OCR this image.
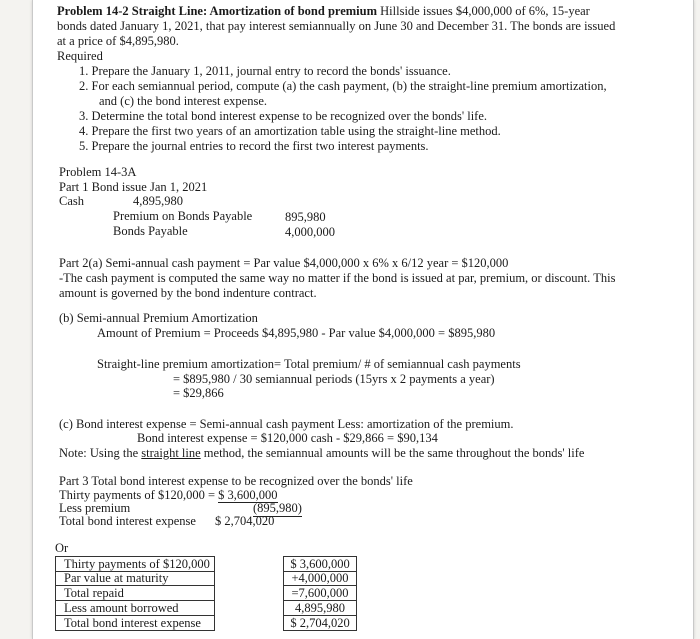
Problem 14-2 Straight Line: Amortization of bond premium Hillside issues $4,000,000 of 6%, 15-year
bonds dated January 1, 2021, that pay interest semiannually on June 30 and December 31. The bonds are issued
at a price of $4,895,980.
Required
1. Prepare the January 1, 2011, journal entry to record the bonds' issuance.
2. For each semiannual period, compute (a) the cash payment, (b) the straight-line premium amortization,
and (c) the bond interest expense.
3. Determine the total bond interest expense to be recognized over the bonds' life.
4. Prepare the first two years of an amortization table using the straight-line method.
5. Prepare the journal entries to record the first two interest payments.
Problem 14-3A
Part 1 Bond issue Jan 1, 2021
Cash	4,895,980
Premium on Bonds Payable	895,980
Bonds Payable	4,000,000
Part 2(a) Semi-annual cash payment = Par value $4,000,000 x 6% x 6/12 year = $120,000
-The cash payment is computed the same way no matter if the bond is issued at par, premium, or discount. This
amount is governed by the bond indenture contract.
(b) Semi-annual Premium Amortization
Amount of Premium = Proceeds $4,895,980 - Par value $4,000,000 = $895,980
Straight-line premium amortization= Total premium/ # of semiannual cash payments
= $895,980 / 30 semiannual periods (15yrs x 2 payments a year)
= $29,866
(c) Bond interest expense = Semi-annual cash payment Less: amortization of the premium.
Bond interest expense = $120,000 cash - $29,866 = $90,134
Note: Using the straight line method, the semiannual amounts will be the same throughout the bonds' life
Part 3 Total bond interest expense to be recognized over the bonds' life
Thirty payments of $120,000 = $ 3,600,000
Less premium	(895,980)
Total bond interest expense $ 2,704,020
Or
Thirty payments of $120,000	$ 3,600,000
Par value at maturity	+4,000,000
Total repaid	=7,600,000
Less amount borrowed	4,895,980
Total bond interest expense	$ 2,704,020
